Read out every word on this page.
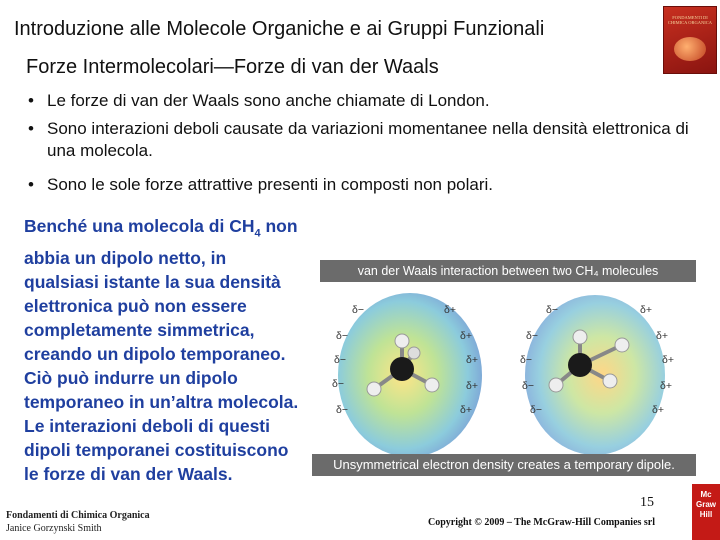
Introduzione alle Molecole Organiche e ai Gruppi Funzionali
Forze Intermolecolari—Forze di van der Waals
FONDAMENTI DI CHIMICA ORGANICA
• Le forze di van der Waals sono anche chiamate di London.
• Sono interazioni deboli causate da variazioni momentanee nella densità elettronica di una molecola.
• Sono le sole forze attrattive presenti in composti non polari.
Benché una molecola di $CH_4$ non abbia un dipolo netto, in qualsiasi istante la sua densità elettronica può non essere completamente simmetrica, creando un dipolo temporaneo. Ciò può indurre un dipolo temporaneo in un’altra molecola. Le interazioni deboli di questi dipoli temporanei costituiscono le forze di van der Waals.
δ−
δ−
δ−
δ−
δ−
δ+
δ+
δ+
δ+
δ+
δ−
δ−
δ−
δ−
δ−
δ+
δ+
δ+
δ+
δ+
van der Waals interaction between two CH₄ molecules
Unsymmetrical electron density creates a temporary dipole.
15
Fondamenti di Chimica Organica
Janice Gorzynski Smith
Copyright © 2009 – The McGraw-Hill Companies srl
Mc Graw Hill
